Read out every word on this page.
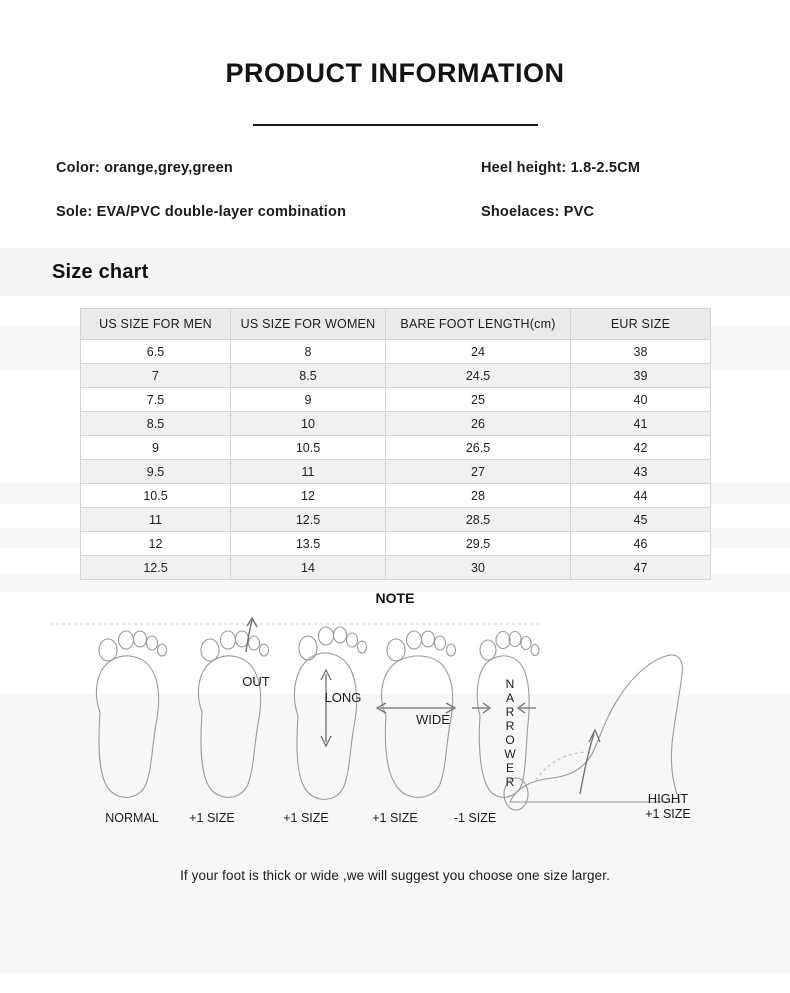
PRODUCT INFORMATION
Color: orange,grey,green	Heel height: 1.8-2.5CM
Sole: EVA/PVC double-layer combination	Shoelaces: PVC
Size chart
US SIZE FOR MEN	US SIZE FOR WOMEN	BARE FOOT LENGTH(cm)	EUR SIZE
6.5	8	24	38
7	8.5	24.5	39
7.5	9	25	40
8.5	10	26	41
9	10.5	26.5	42
9.5	11	27	43
10.5	12	28	44
11	12.5	28.5	45
12	13.5	29.5	46
12.5	14	30	47
NOTE
OUT
LONG
WIDE
HIGHT
N
A
R
R
O
W
E
R
NORMAL +1 SIZE	+1 SIZE	+1 SIZE	-1 SIZE	+1 SIZE
If your foot is thick or wide ,we will suggest you choose one size larger.
